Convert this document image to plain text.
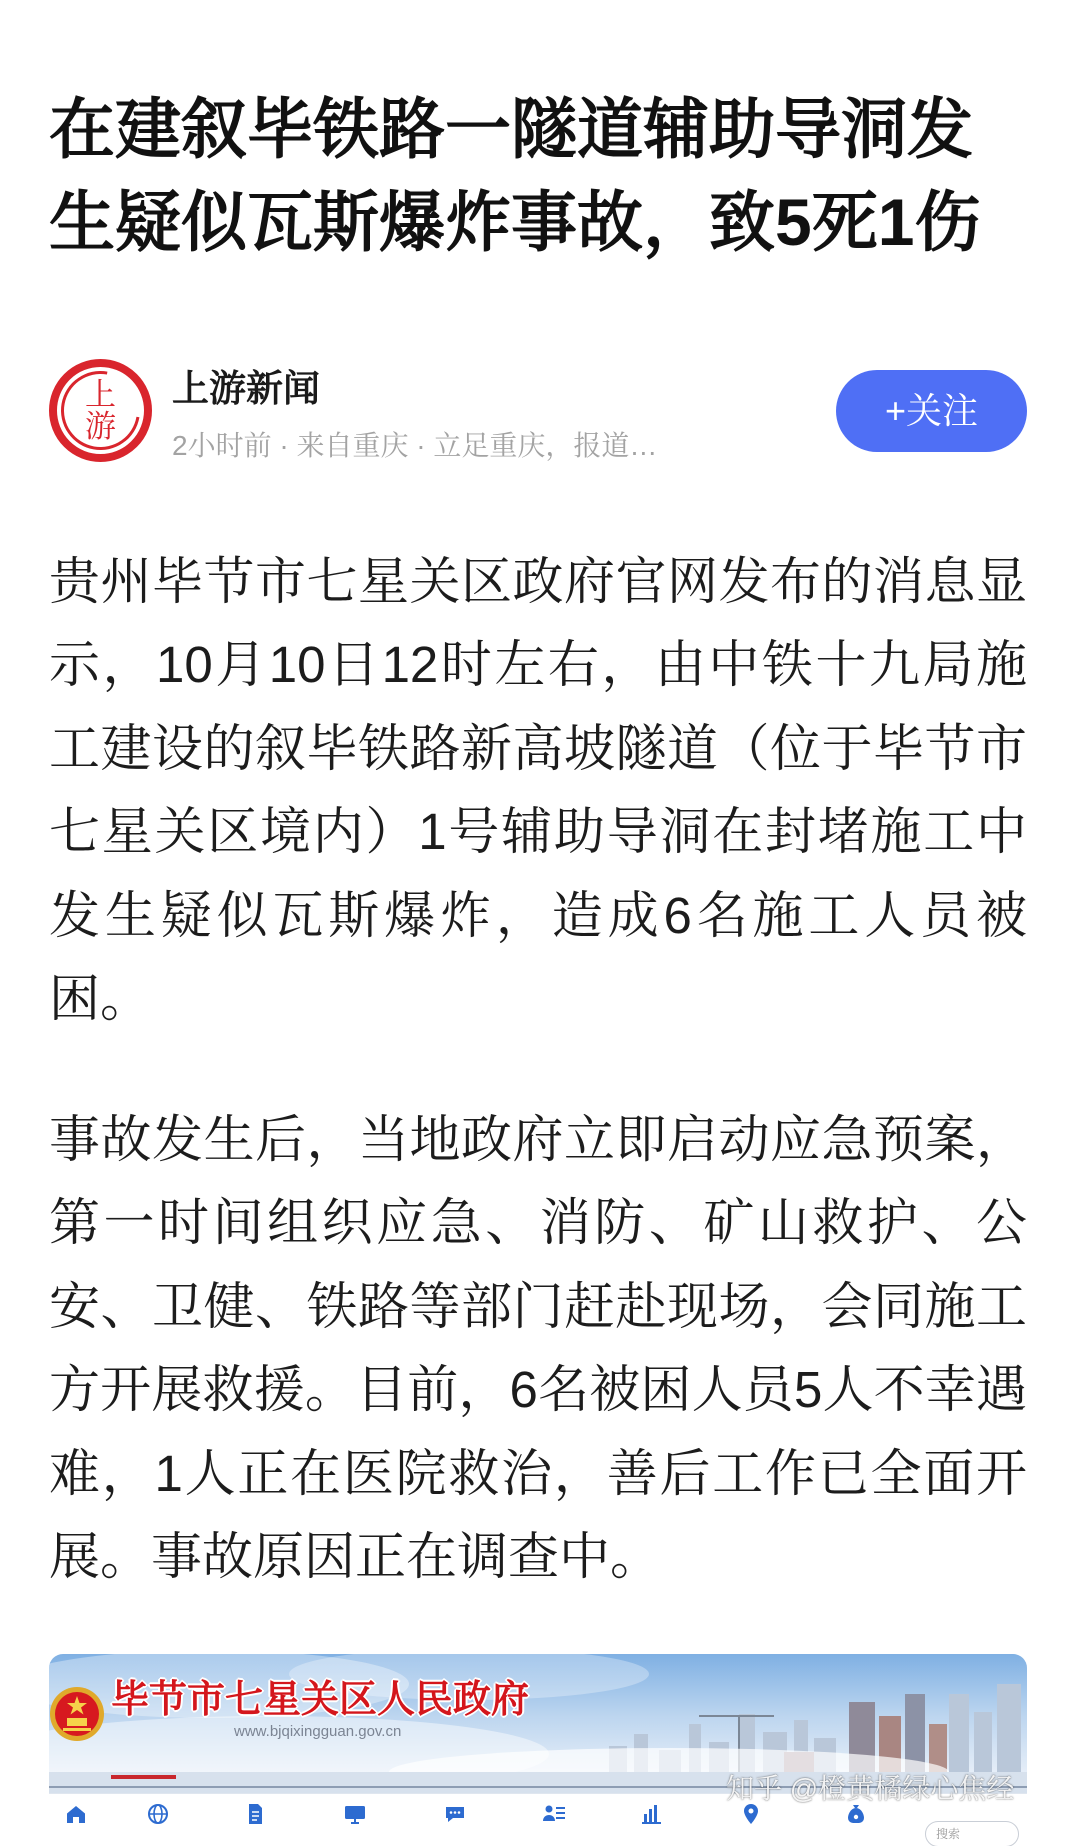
在建叙毕铁路一隧道辅助导洞发生疑似瓦斯爆炸事故，致5死1伤
上游
上游新闻
2小时前 · 来自重庆 · 立足重庆，报道…
+关注

贵州毕节市七星关区政府官网发布的消息显示，10月10日12时左右，由中铁十九局施工建设的叙毕铁路新高坡隧道（位于毕节市七星关区境内）1号辅助导洞在封堵施工中发生疑似瓦斯爆炸，造成6名施工人员被困。

事故发生后，当地政府立即启动应急预案，第一时间组织应急、消防、矿山救护、公安、卫健、铁路等部门赶赴现场，会同施工方开展救援。目前，6名被困人员5人不幸遇难，1人正在医院救治，善后工作已全面开展。事故原因正在调查中。

毕节市七星关区人民政府
www.bjqixingguan.gov.cn
搜索
知乎 @橙黄橘绿心焦经
